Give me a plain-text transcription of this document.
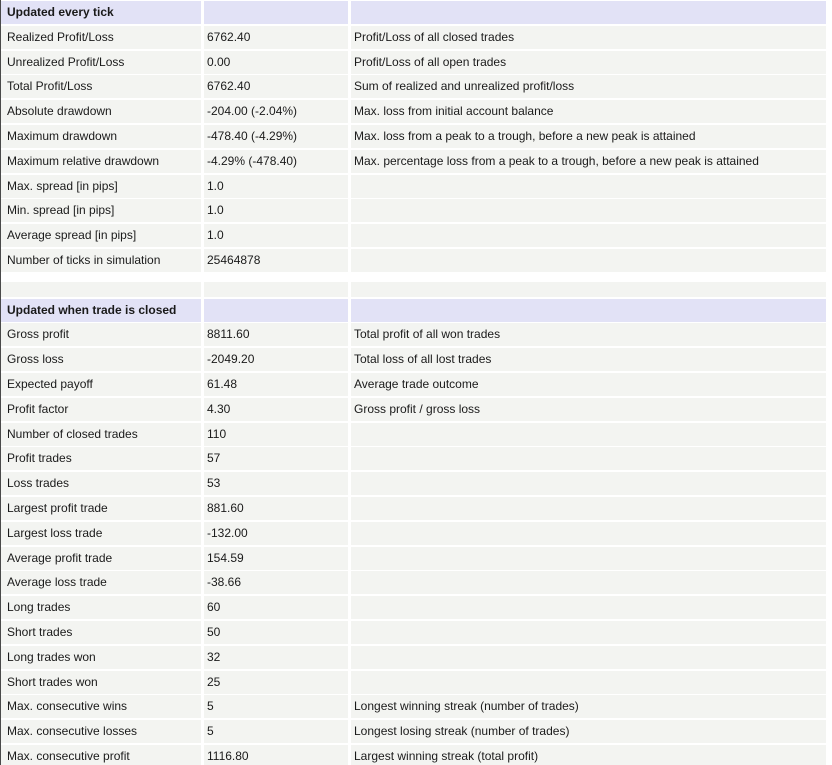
Updated every tick
Realized Profit/Loss	6762.40	Profit/Loss of all closed trades
Unrealized Profit/Loss	0.00	Profit/Loss of all open trades
Total Profit/Loss	6762.40	Sum of realized and unrealized profit/loss
Absolute drawdown	-204.00 (-2.04%)	Max. loss from initial account balance
Maximum drawdown	-478.40 (-4.29%)	Max. loss from a peak to a trough, before a new peak is attained
Maximum relative drawdown	-4.29% (-478.40)	Max. percentage loss from a peak to a trough, before a new peak is attained
Max. spread [in pips]	1.0
Min. spread [in pips]	1.0
Average spread [in pips]	1.0
Number of ticks in simulation	25464878
Updated when trade is closed
Gross profit	8811.60	Total profit of all won trades
Gross loss	-2049.20	Total loss of all lost trades
Expected payoff	61.48	Average trade outcome
Profit factor	4.30	Gross profit / gross loss
Number of closed trades	110
Profit trades	57
Loss trades	53
Largest profit trade	881.60
Largest loss trade	-132.00
Average profit trade	154.59
Average loss trade	-38.66
Long trades	60
Short trades	50
Long trades won	32
Short trades won	25
Max. consecutive wins	5	Longest winning streak (number of trades)
Max. consecutive losses	5	Longest losing streak (number of trades)
Max. consecutive profit	1116.80	Largest winning streak (total profit)
